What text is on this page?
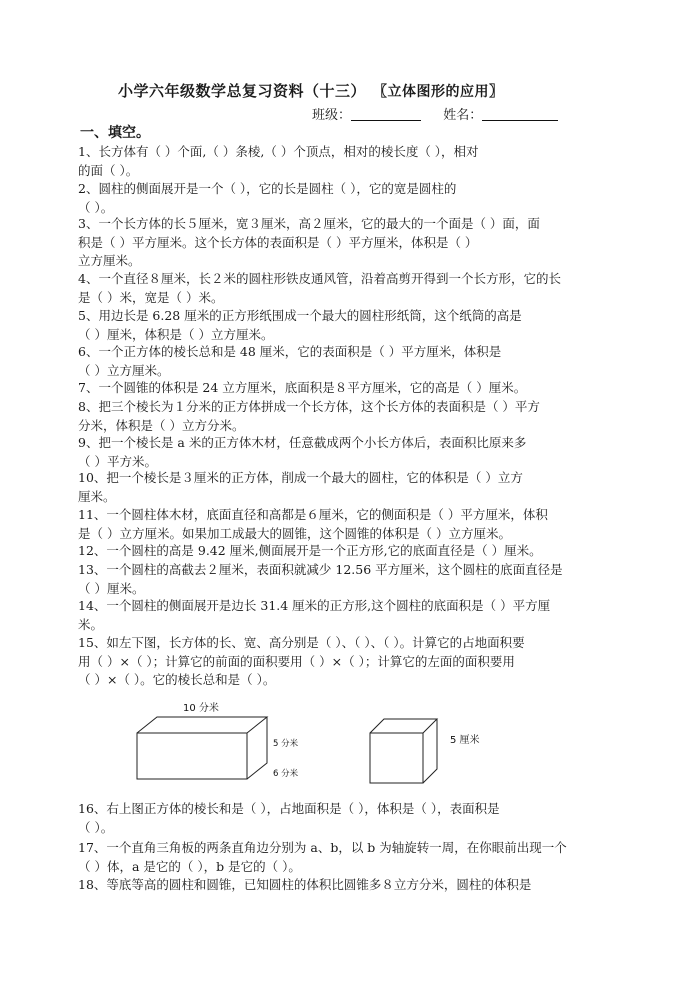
小学六年级数学总复习资料（十三） 〖立体图形的应用〗
班级：	姓名：
一、填空。
1、长方体有（ ）个面,（ ）条棱,（ ）个顶点，相对的棱长度（ ），相对
的面（ ）。
2、圆柱的侧面展开是一个（ ），它的长是圆柱（ ），它的宽是圆柱的
（ ）。
3、一个长方体的长５厘米，宽３厘米，高２厘米，它的最大的一个面是（ ）面，面
积是（ ）平方厘米。这个长方体的表面积是（ ）平方厘米，体积是（ ）
立方厘米。
4、一个直径８厘米，长２米的圆柱形铁皮通风管，沿着高剪开得到一个长方形，它的长
是（ ）米，宽是（ ）米。
5、用边长是 6.28 厘米的正方形纸围成一个最大的圆柱形纸筒，这个纸筒的高是
（ ）厘米，体积是（ ）立方厘米。
6、一个正方体的棱长总和是 48 厘米，它的表面积是（ ）平方厘米，体积是
（ ）立方厘米。
7、一个圆锥的体积是 24 立方厘米，底面积是８平方厘米，它的高是（ ）厘米。
8、把三个棱长为１分米的正方体拼成一个长方体，这个长方体的表面积是（ ）平方
分米，体积是（ ）立方分米。
9、把一个棱长是 a 米的正方体木材，任意截成两个小长方体后，表面积比原来多
（ ）平方米。
10、把一个棱长是３厘米的正方体，削成一个最大的圆柱，它的体积是（ ）立方
厘米。
11、一个圆柱体木材，底面直径和高都是６厘米，它的侧面积是（ ）平方厘米，体积
是（ ）立方厘米。如果加工成最大的圆锥，这个圆锥的体积是（ ）立方厘米。
12、一个圆柱的高是 9.42 厘米,侧面展开是一个正方形,它的底面直径是（ ）厘米。
13、一个圆柱的高截去２厘米，表面积就减少 12.56 平方厘米，这个圆柱的底面直径是
（ ）厘米。
14、一个圆柱的侧面展开是边长 31.4 厘米的正方形,这个圆柱的底面积是（ ）平方厘
米。
15、如左下图，长方体的长、宽、高分别是（ ）、（ ）、（ ）。计算它的占地面积要
用（ ）×（ ）；计算它的前面的面积要用（ ）×（ ）；计算它的左面的面积要用
（ ）×（ ）。它的棱长总和是（ ）。
16、右上图正方体的棱长和是（ ），占地面积是（ ），体积是（ ），表面积是
（ ）。
17、一个直角三角板的两条直角边分别为 a、b，以 b 为轴旋转一周，在你眼前出现一个
（ ）体，a 是它的（ ），b 是它的（ ）。
18、等底等高的圆柱和圆锥，已知圆柱的体积比圆锥多８立方分米，圆柱的体积是
10 分米
5 分米
6 分米
5 厘米
